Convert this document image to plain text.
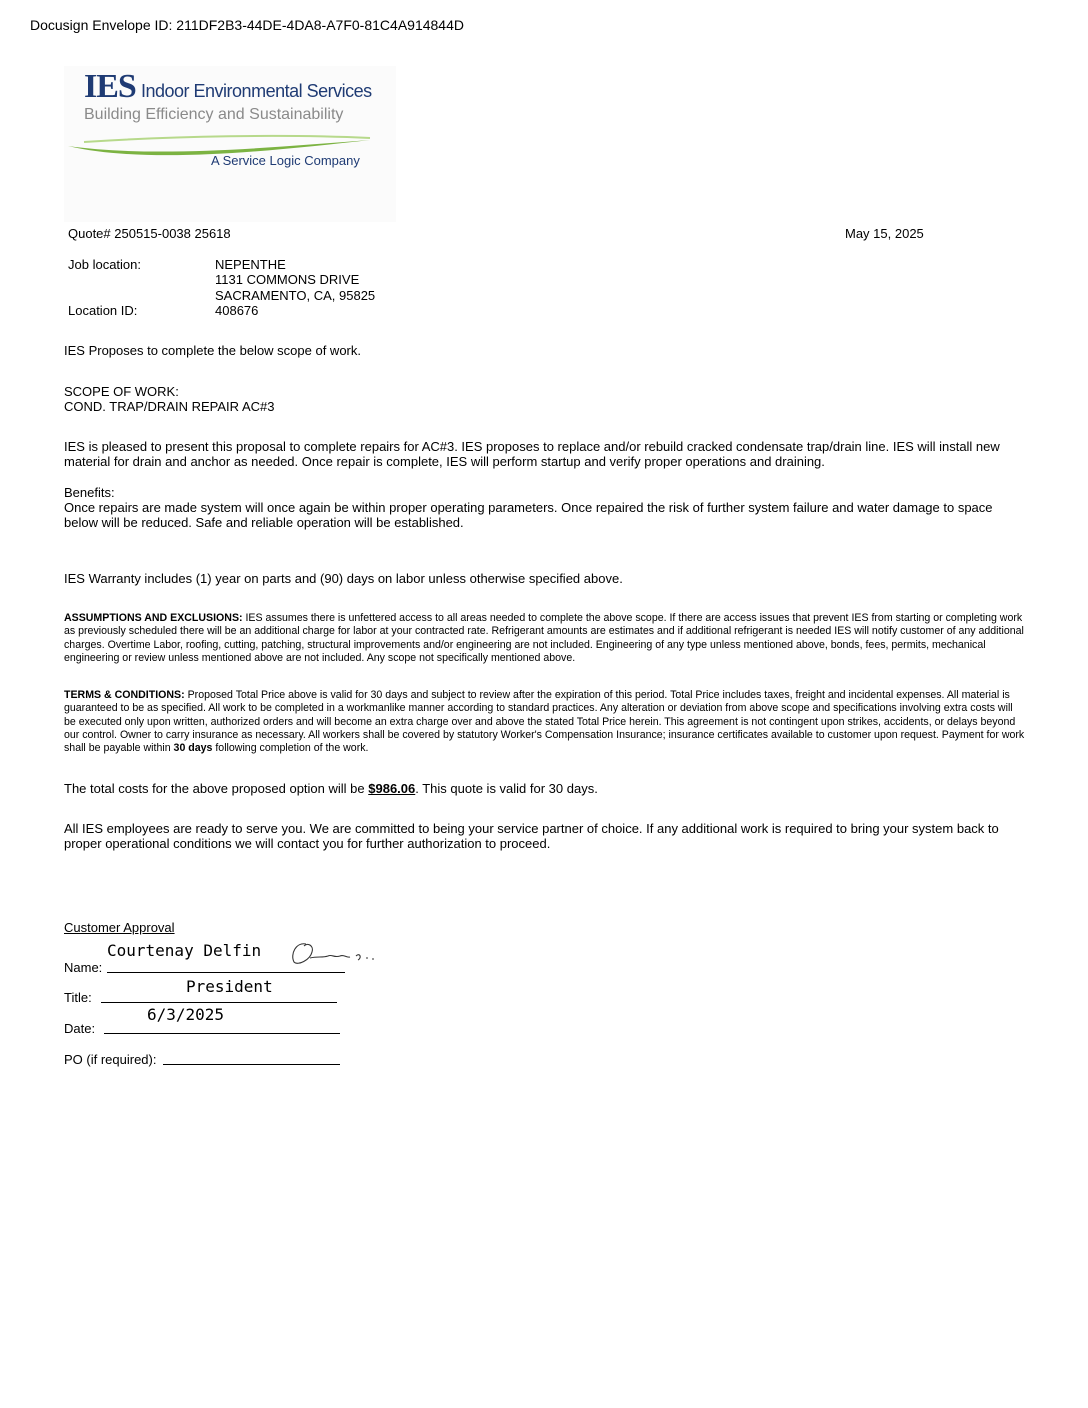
Docusign Envelope ID: 211DF2B3-44DE-4DA8-A7F0-81C4A914844D
IES Indoor Environmental Services
Building Efficiency and Sustainability
A Service Logic Company
Quote# 250515-0038 25618	May 15, 2025
Job location:	NEPENTHE
1131 COMMONS DRIVE
SACRAMENTO, CA, 95825
Location ID:	408676
IES Proposes to complete the below scope of work.
SCOPE OF WORK:
COND. TRAP/DRAIN REPAIR AC#3

IES is pleased to present this proposal to complete repairs for AC#3. IES proposes to replace and/or rebuild cracked condensate trap/drain line. IES will install new material for drain and anchor as needed. Once repair is complete, IES will perform startup and verify proper operations and draining.

Benefits:

Once repairs are made system will once again be within proper operating parameters. Once repaired the risk of further system failure and water damage to space below will be reduced. Safe and reliable operation will be established.

IES Warranty includes (1) year on parts and (90) days on labor unless otherwise specified above.

ASSUMPTIONS AND EXCLUSIONS: IES assumes there is unfettered access to all areas needed to complete the above scope. If there are access issues that prevent IES from starting or completing work as previously scheduled there will be an additional charge for labor at your contracted rate. Refrigerant amounts are estimates and if additional refrigerant is needed IES will notify customer of any additional charges. Overtime Labor, roofing, cutting, patching, structural improvements and/or engineering are not included. Engineering of any type unless mentioned above, bonds, fees, permits, mechanical engineering or review unless mentioned above are not included. Any scope not specifically mentioned above.

TERMS & CONDITIONS: Proposed Total Price above is valid for 30 days and subject to review after the expiration of this period. Total Price includes taxes, freight and incidental expenses. All material is guaranteed to be as specified. All work to be completed in a workmanlike manner according to standard practices. Any alteration or deviation from above scope and specifications involving extra costs will be executed only upon written, authorized orders and will become an extra charge over and above the stated Total Price herein. This agreement is not contingent upon strikes, accidents, or delays beyond our control. Owner to carry insurance as necessary. All workers shall be covered by statutory Worker's Compensation Insurance; insurance certificates available to customer upon request. Payment for work shall be payable within 30 days following completion of the work.

The total costs for the above proposed option will be $986.06. This quote is valid for 30 days.

All IES employees are ready to serve you. We are committed to being your service partner of choice. If any additional work is required to bring your system back to proper operational conditions we will contact you for further authorization to proceed.

Customer Approval
Name:
Courtenay Delfin
Title:
President
Date:
6/3/2025
PO (if required):
